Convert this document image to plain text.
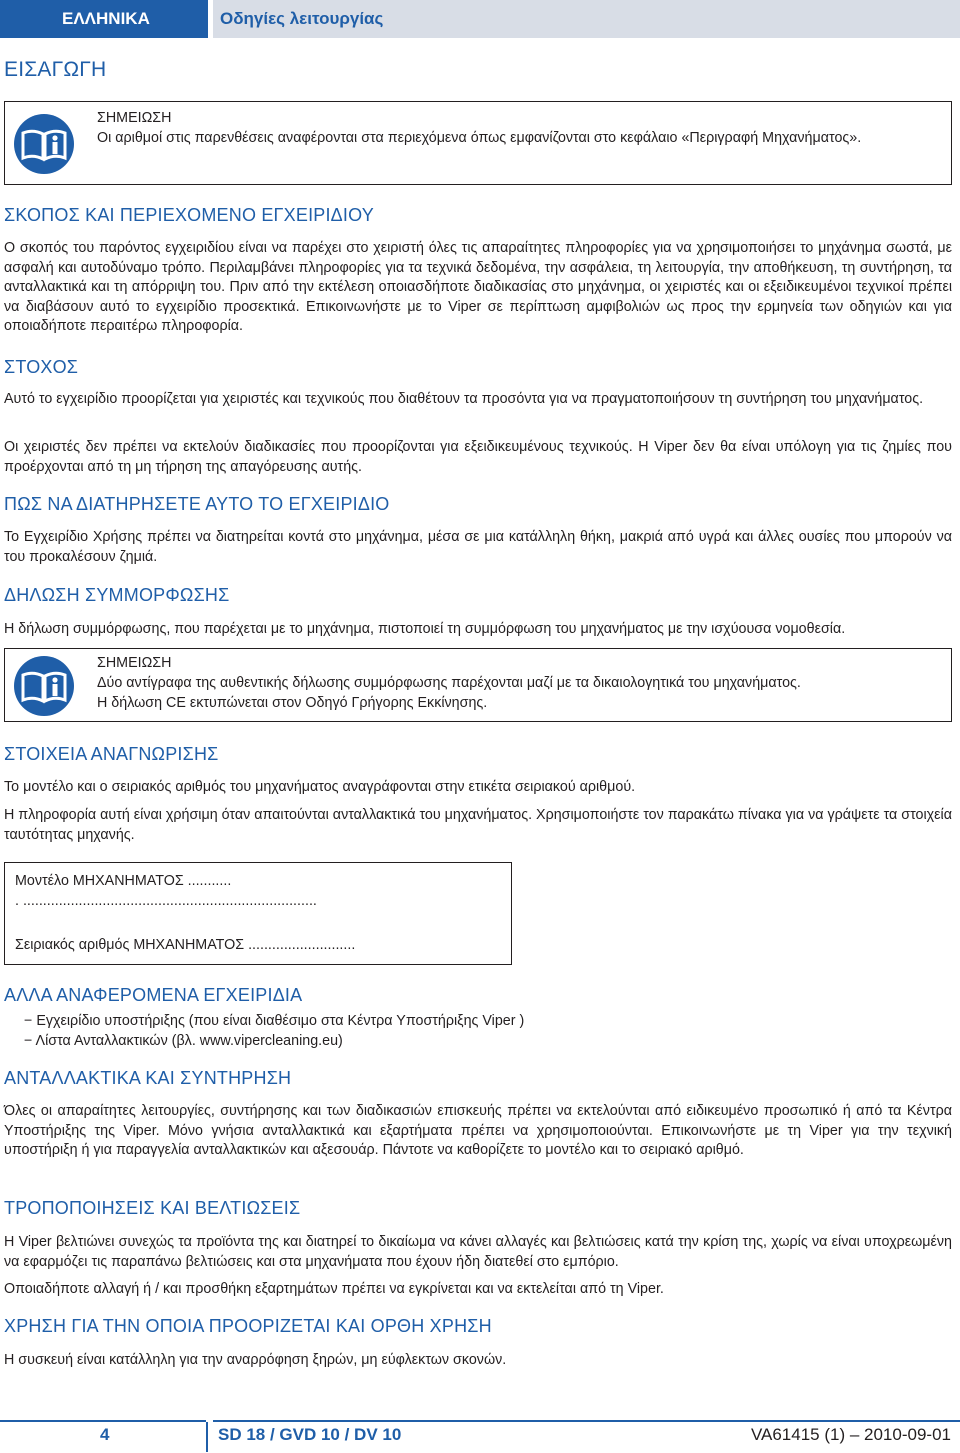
ΕΛΛΗΝΙΚΑ	Οδηγίες λειτουργίας
ΕΙΣΑΓΩΓΗ
ΣΗΜΕΙΩΣΗ
Οι αριθμοί στις παρενθέσεις αναφέρονται στα περιεχόμενα όπως εμφανίζονται στο κεφάλαιο «Περιγραφή Μηχανήματος».
ΣΚΟΠΟΣ ΚΑΙ ΠΕΡΙΕΧΟΜΕΝΟ ΕΓΧΕΙΡΙΔΙΟΥ

Ο σκοπός του παρόντος εγχειριδίου είναι να παρέχει στο χειριστή όλες τις απαραίτητες πληροφορίες για να χρησιμοποιήσει το μηχάνημα σωστά, με ασφαλή και αυτοδύναμο τρόπο. Περιλαμβάνει πληροφορίες για τα τεχνικά δεδομένα, την ασφάλεια, τη λειτουργία, την αποθήκευση, τη συντήρηση, τα ανταλλακτικά και τη απόρριψη του. Πριν από την εκτέλεση οποιασδήποτε διαδικασίας στο μηχάνημα, οι χειριστές και οι εξειδικευμένοι τεχνικοί πρέπει να διαβάσουν αυτό το εγχειρίδιο προσεκτικά. Επικοινωνήστε με το Viper σε περίπτωση αμφιβολιών ως προς την ερμηνεία των οδηγιών και για οποιαδήποτε περαιτέρω πληροφορία.

ΣΤΟΧΟΣ

Αυτό το εγχειρίδιο προορίζεται για χειριστές και τεχνικούς που διαθέτουν τα προσόντα για να πραγματοποιήσουν τη συντήρηση του μηχανήματος.

Οι χειριστές δεν πρέπει να εκτελούν διαδικασίες που προορίζονται για εξειδικευμένους τεχνικούς. Η Viper δεν θα είναι υπόλογη για τις ζημίες που προέρχονται από τη μη τήρηση της απαγόρευσης αυτής.

ΠΩΣ ΝΑ ΔΙΑΤΗΡΗΣΕΤΕ ΑΥΤΟ ΤΟ ΕΓΧΕΙΡΙΔΙΟ

Το Εγχειρίδιο Χρήσης πρέπει να διατηρείται κοντά στο μηχάνημα, μέσα σε μια κατάλληλη θήκη, μακριά από υγρά και άλλες ουσίες που μπορούν να του προκαλέσουν ζημιά.

ΔΗΛΩΣΗ ΣΥΜΜΟΡΦΩΣΗΣ

Η δήλωση συμμόρφωσης, που παρέχεται με το μηχάνημα, πιστοποιεί τη συμμόρφωση του μηχανήματος με την ισχύουσα νομοθεσία.

ΣΗΜΕΙΩΣΗ
Δύο αντίγραφα της αυθεντικής δήλωσης συμμόρφωσης παρέχονται μαζί με τα δικαιολογητικά του μηχανήματος.
Η δήλωση CE εκτυπώνεται στον Οδηγό Γρήγορης Εκκίνησης.
ΣΤΟΙΧΕΙΑ ΑΝΑΓΝΩΡΙΣΗΣ

Το μοντέλο και ο σειριακός αριθμός του μηχανήματος αναγράφονται στην ετικέτα σειριακού αριθμού.

Η πληροφορία αυτή είναι χρήσιμη όταν απαιτούνται ανταλλακτικά του μηχανήματος. Χρησιμοποιήστε τον παρακάτω πίνακα για να γράψετε τα στοιχεία ταυτότητας μηχανής.

Μοντέλο ΜΗΧΑΝΗΜΑΤΟΣ ...........
. ..........................................................................
Σειριακός αριθμός ΜΗΧΑΝΗΜΑΤΟΣ ...........................
ΑΛΛΑ ΑΝΑΦΕΡΟΜΕΝΑ ΕΓΧΕΙΡΙΔΙΑ
− Εγχειρίδιο υποστήριξης (που είναι διαθέσιμο στα Κέντρα Υποστήριξης Viper )
− Λίστα Ανταλλακτικών (βλ. www.vipercleaning.eu)
ΑΝΤΑΛΛΑΚΤΙΚΑ ΚΑΙ ΣΥΝΤΗΡΗΣΗ

Όλες οι απαραίτητες λειτουργίες, συντήρησης και των διαδικασιών επισκευής πρέπει να εκτελούνται από ειδικευμένο προσωπικό ή από τα Κέντρα Υποστήριξης της Viper. Μόνο γνήσια ανταλλακτικά και εξαρτήματα πρέπει να χρησιμοποιούνται. Επικοινωνήστε με τη Viper για την τεχνική υποστήριξη ή για παραγγελία ανταλλακτικών και αξεσουάρ. Πάντοτε να καθορίζετε το μοντέλο και το σειριακό αριθμό.

ΤΡΟΠΟΠΟΙΗΣΕΙΣ ΚΑΙ ΒΕΛΤΙΩΣΕΙΣ

Η Viper βελτιώνει συνεχώς τα προϊόντα της και διατηρεί το δικαίωμα να κάνει αλλαγές και βελτιώσεις κατά την κρίση της, χωρίς να είναι υποχρεωμένη να εφαρμόζει τις παραπάνω βελτιώσεις και στα μηχανήματα που έχουν ήδη διατεθεί στο εμπόριο.

Οποιαδήποτε αλλαγή ή / και προσθήκη εξαρτημάτων πρέπει να εγκρίνεται και να εκτελείται από τη Viper.

ΧΡΗΣΗ ΓΙΑ ΤΗΝ ΟΠΟΙΑ ΠΡΟΟΡΙΖΕΤΑΙ ΚΑΙ ΟΡΘΗ ΧΡΗΣΗ

Η συσκευή είναι κατάλληλη για την αναρρόφηση ξηρών, μη εύφλεκτων σκονών.

4	SD 18 / GVD 10 / DV 10	VA61415 (1) – 2010-09-01
